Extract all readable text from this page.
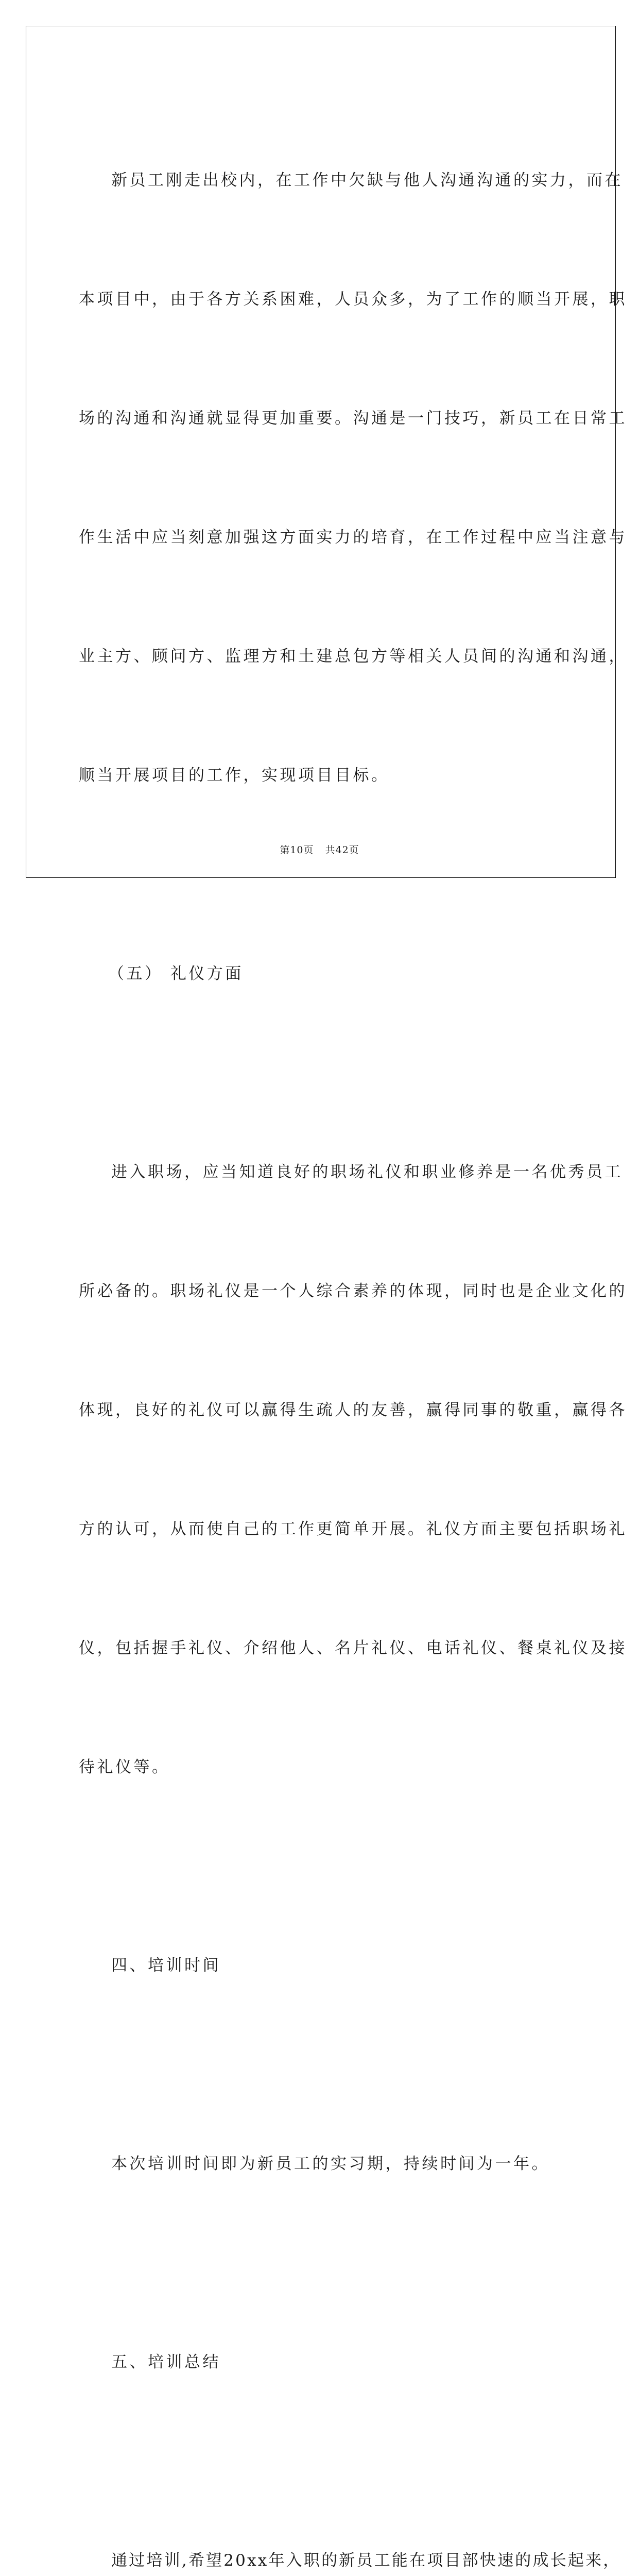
新员工刚走出校内，在工作中欠缺与他人沟通沟通的实力，而在

本项目中，由于各方关系困难，人员众多，为了工作的顺当开展，职

场的沟通和沟通就显得更加重要。沟通是一门技巧，新员工在日常工

作生活中应当刻意加强这方面实力的培育，在工作过程中应当注意与

业主方、顾问方、监理方和土建总包方等相关人员间的沟通和沟通，

顺当开展项目的工作，实现项目目标。

（五） 礼仪方面

进入职场，应当知道良好的职场礼仪和职业修养是一名优秀员工

所必备的。职场礼仪是一个人综合素养的体现，同时也是企业文化的

体现，良好的礼仪可以赢得生疏人的友善，赢得同事的敬重，赢得各

方的认可，从而使自己的工作更简单开展。礼仪方面主要包括职场礼

仪，包括握手礼仪、介绍他人、名片礼仪、电话礼仪、餐桌礼仪及接

待礼仪等。

四、培训时间

本次培训时间即为新员工的实习期，持续时间为一年。

五、培训总结

通过培训,希望20xx年入职的新员工能在项目部快速的成长起来，

第10页 共42页
